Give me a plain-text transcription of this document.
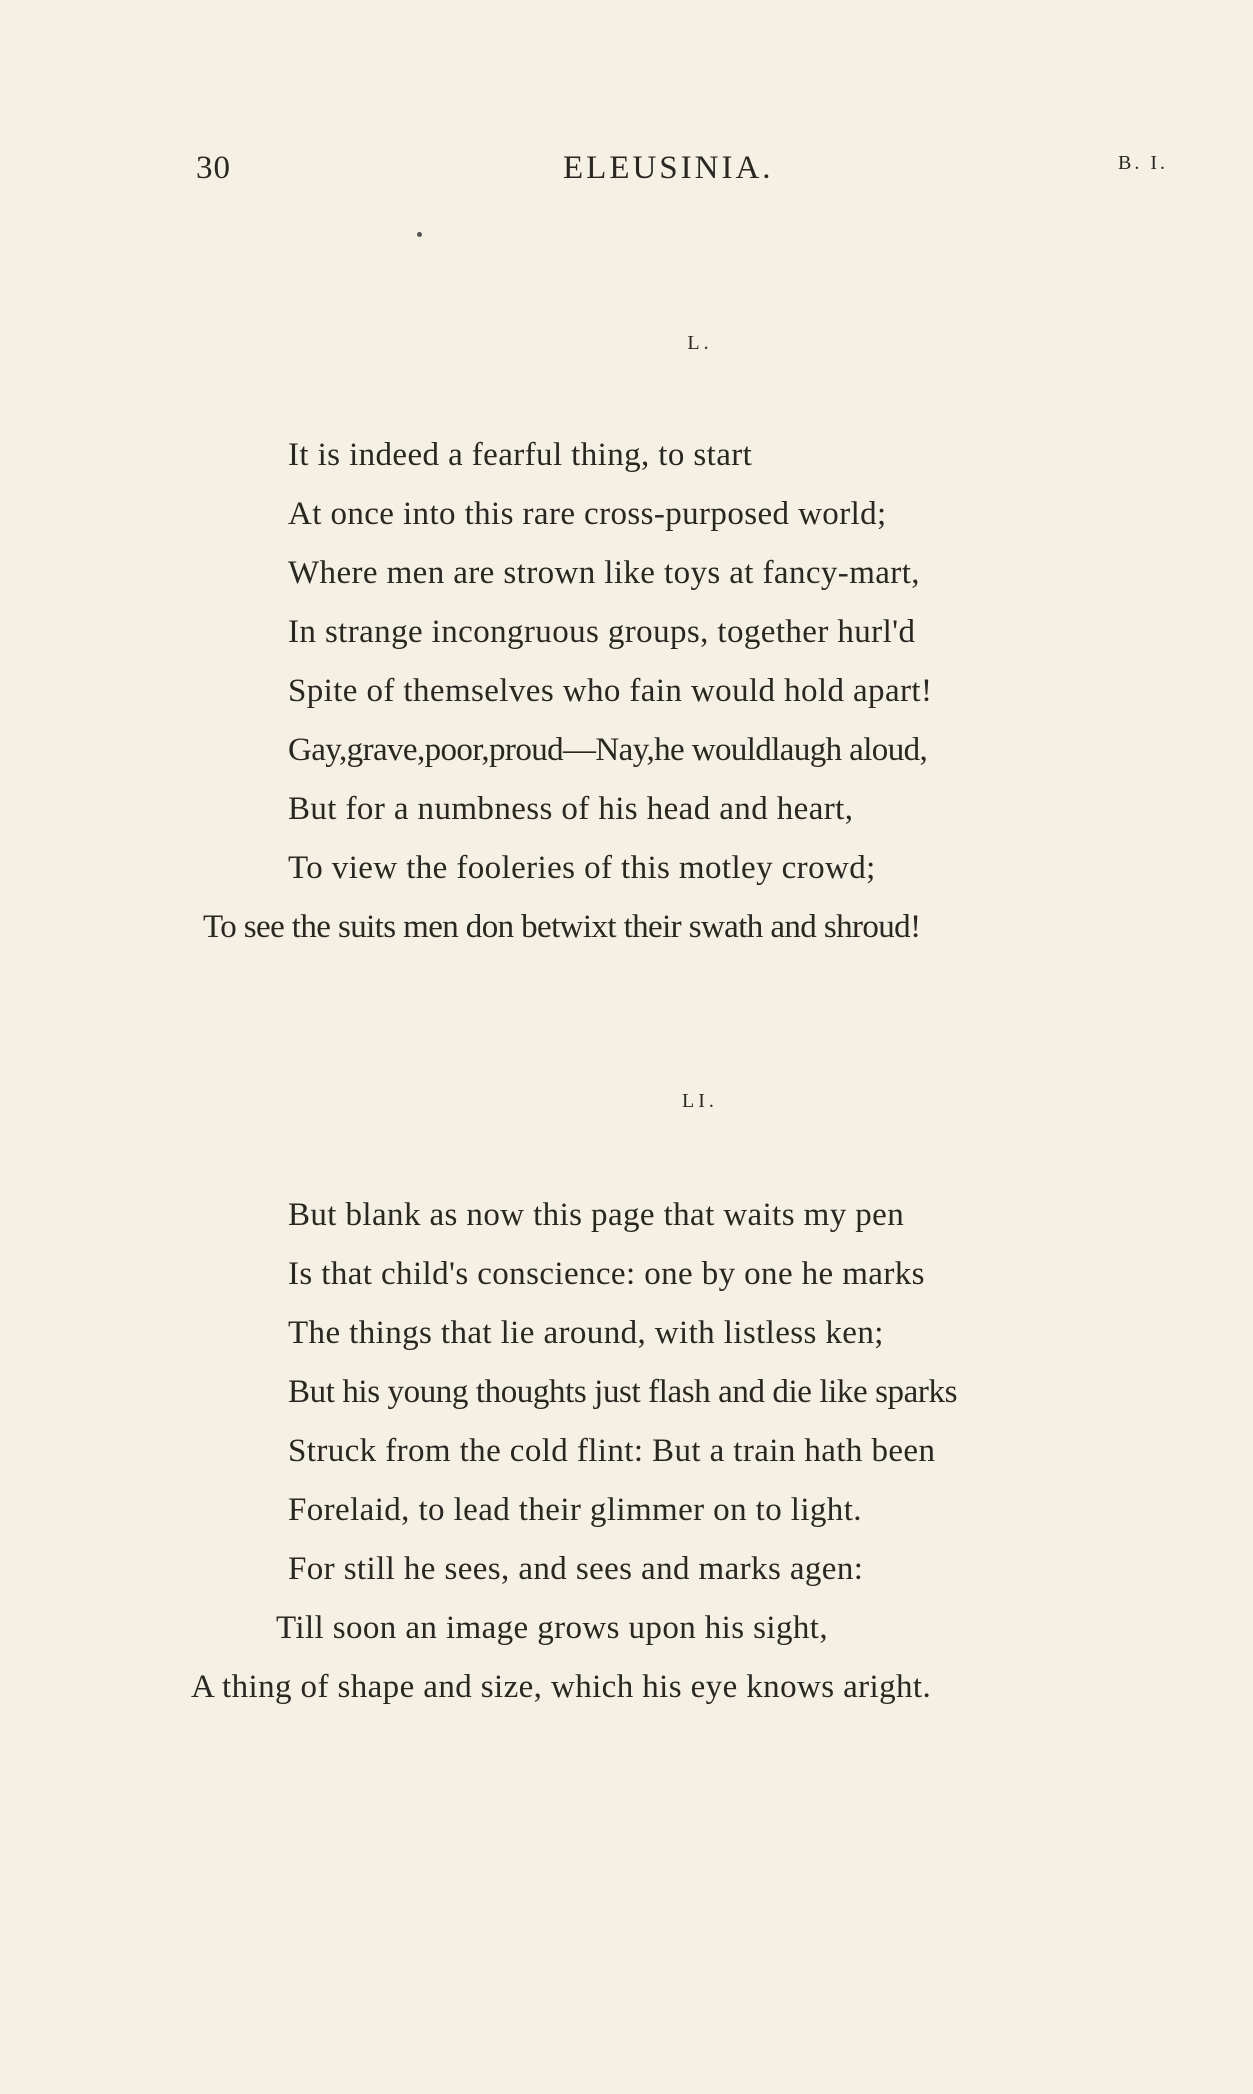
30	ELEUSINIA.	B. I.
L.
It is indeed a fearful thing, to start
At once into this rare cross-purposed world;
Where men are strown like toys at fancy-mart,
In strange incongruous groups, together hurl'd
Spite of themselves who fain would hold apart!
Gay,grave,poor,proud—Nay,he wouldlaugh aloud,
But for a numbness of his head and heart,
To view the fooleries of this motley crowd;
To see the suits men don betwixt their swath and shroud!
LI.
But blank as now this page that waits my pen
Is that child's conscience: one by one he marks
The things that lie around, with listless ken;
But his young thoughts just flash and die like sparks
Struck from the cold flint: But a train hath been
Forelaid, to lead their glimmer on to light.
For still he sees, and sees and marks agen:
Till soon an image grows upon his sight,
A thing of shape and size, which his eye knows aright.
